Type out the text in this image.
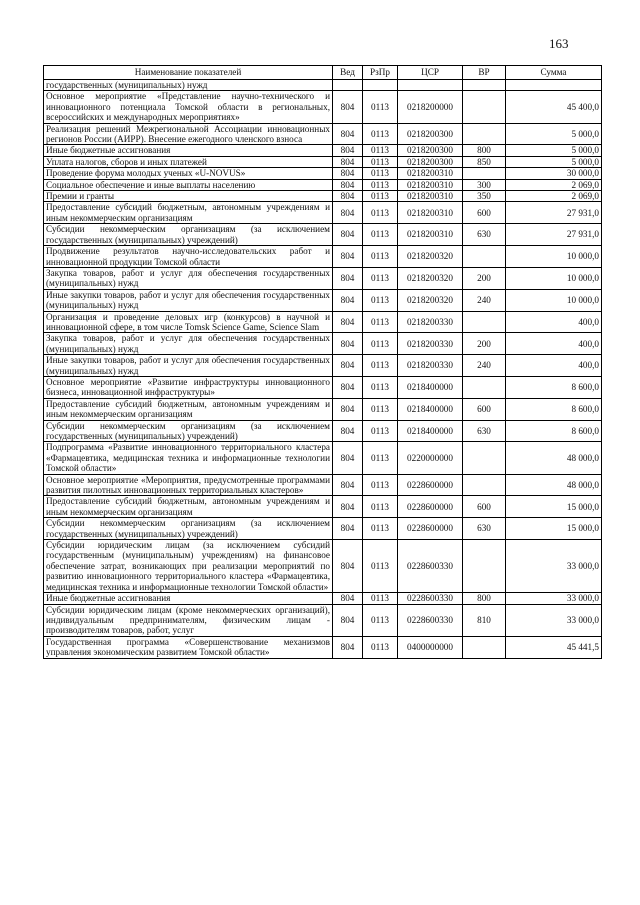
163
Наименование показателей	Вед	РзПр	ЦСР	ВР	Сумма
государственных (муниципальных) нужд					
Основное мероприятие «Представление научно-технического и инновационного потенциала Томской области в региональных, всероссийских и международных мероприятиях»	804	0113	0218200000		45 400,0
Реализация решений Межрегиональной Ассоциации инновационных регионов России (АИРР). Внесение ежегодного членского взноса	804	0113	0218200300		5 000,0
Иные бюджетные ассигнования	804	0113	0218200300	800	5 000,0
Уплата налогов, сборов и иных платежей	804	0113	0218200300	850	5 000,0
Проведение форума молодых ученых «U-NOVUS»	804	0113	0218200310		30 000,0
Социальное обеспечение и иные выплаты населению	804	0113	0218200310	300	2 069,0
Премии и гранты	804	0113	0218200310	350	2 069,0
Предоставление субсидий бюджетным, автономным учреждениям и иным некоммерческим организациям	804	0113	0218200310	600	27 931,0
Субсидии некоммерческим организациям (за исключением государственных (муниципальных) учреждений)	804	0113	0218200310	630	27 931,0
Продвижение результатов научно-исследовательских работ и инновационной продукции Томской области	804	0113	0218200320		10 000,0
Закупка товаров, работ и услуг для обеспечения государственных (муниципальных) нужд	804	0113	0218200320	200	10 000,0
Иные закупки товаров, работ и услуг для обеспечения государственных (муниципальных) нужд	804	0113	0218200320	240	10 000,0
Организация и проведение деловых игр (конкурсов) в научной и инновационной сфере, в том числе Tomsk Science Game, Science Slam	804	0113	0218200330		400,0
Закупка товаров, работ и услуг для обеспечения государственных (муниципальных) нужд	804	0113	0218200330	200	400,0
Иные закупки товаров, работ и услуг для обеспечения государственных (муниципальных) нужд	804	0113	0218200330	240	400,0
Основное мероприятие «Развитие инфраструктуры инновационного бизнеса, инновационной инфраструктуры»	804	0113	0218400000		8 600,0
Предоставление субсидий бюджетным, автономным учреждениям и иным некоммерческим организациям	804	0113	0218400000	600	8 600,0
Субсидии некоммерческим организациям (за исключением государственных (муниципальных) учреждений)	804	0113	0218400000	630	8 600,0
Подпрограмма «Развитие инновационного территориального кластера «Фармацевтика, медицинская техника и информационные технологии Томской области»	804	0113	0220000000		48 000,0
Основное мероприятие «Мероприятия, предусмотренные программами развития пилотных инновационных территориальных кластеров»	804	0113	0228600000		48 000,0
Предоставление субсидий бюджетным, автономным учреждениям и иным некоммерческим организациям	804	0113	0228600000	600	15 000,0
Субсидии некоммерческим организациям (за исключением государственных (муниципальных) учреждений)	804	0113	0228600000	630	15 000,0
Субсидии юридическим лицам (за исключением субсидий государственным (муниципальным) учреждениям) на финансовое обеспечение затрат, возникающих при реализации мероприятий по развитию инновационного территориального кластера «Фармацевтика, медицинская техника и информационные технологии Томской области»	804	0113	0228600330		33 000,0
Иные бюджетные ассигнования	804	0113	0228600330	800	33 000,0
Субсидии юридическим лицам (кроме некоммерческих организаций), индивидуальным предпринимателям, физическим лицам - производителям товаров, работ, услуг	804	0113	0228600330	810	33 000,0
Государственная программа «Совершенствование механизмов управления экономическим развитием Томской области»	804	0113	0400000000		45 441,5
